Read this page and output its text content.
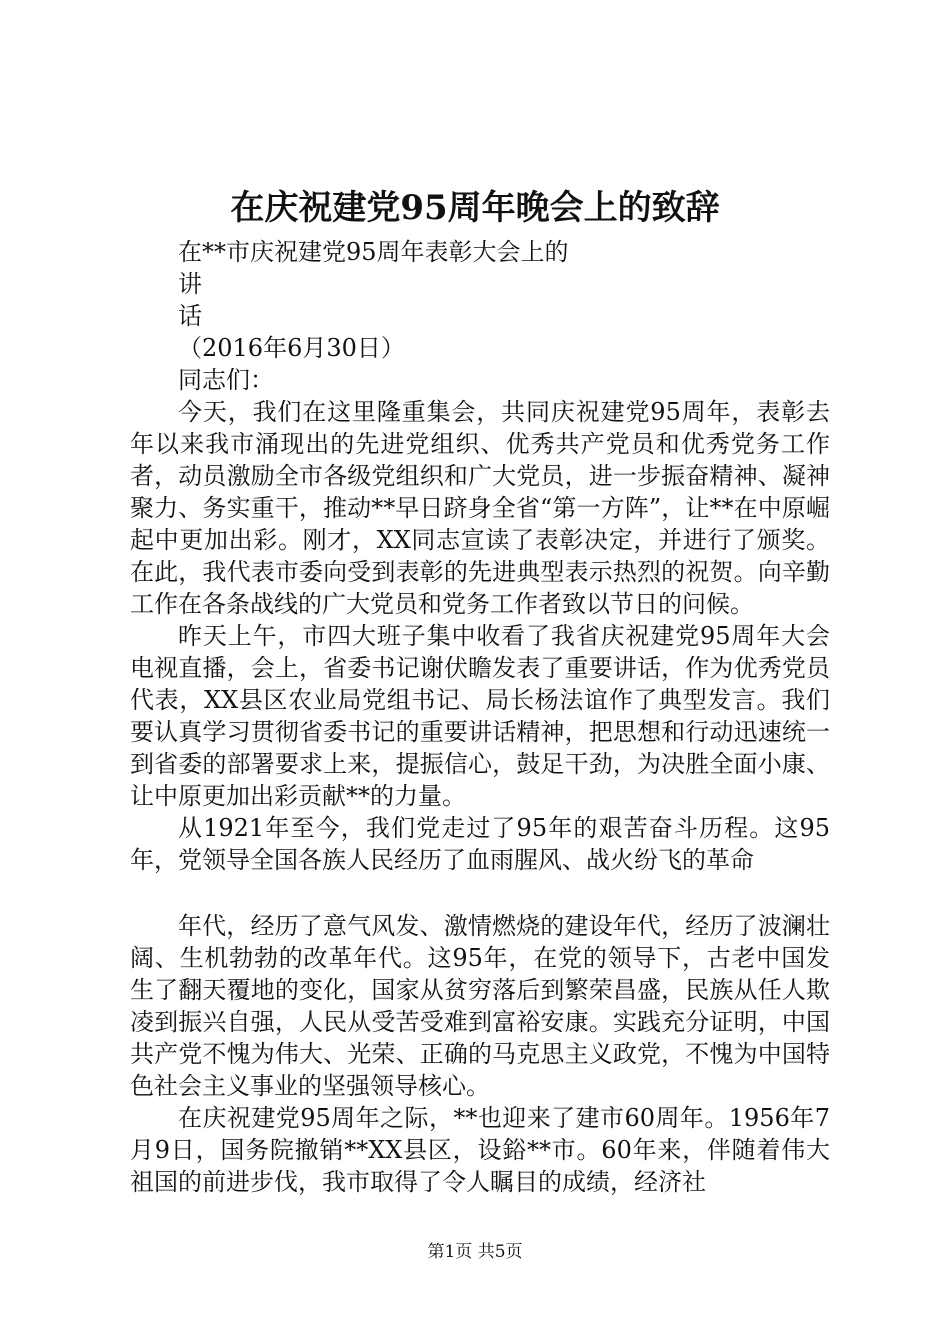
在庆祝建党95周年晚会上的致辞

在**市庆祝建党95周年表彰大会上的

讲

话

（2016年6月30日）

同志们：

今天，我们在这里隆重集会，共同庆祝建党95周年，表彰去年以来我市涌现出的先进党组织、优秀共产党员和优秀党务工作者，动员激励全市各级党组织和广大党员，进一步振奋精神、凝神聚力、务实重干，推动**早日跻身全省“第一方阵”，让**在中原崛起中更加出彩。刚才，XX同志宣读了表彰决定，并进行了颁奖。在此，我代表市委向受到表彰的先进典型表示热烈的祝贺。向辛勤工作在各条战线的广大党员和党务工作者致以节日的问候。

昨天上午，市四大班子集中收看了我省庆祝建党95周年大会电视直播，会上，省委书记谢伏瞻发表了重要讲话，作为优秀党员代表，XX县区农业局党组书记、局长杨法谊作了典型发言。我们要认真学习贯彻省委书记的重要讲话精神，把思想和行动迅速统一到省委的部署要求上来，提振信心，鼓足干劲，为决胜全面小康、让中原更加出彩贡献**的力量。

从1921年至今，我们党走过了95年的艰苦奋斗历程。这95年，党领导全国各族人民经历了血雨腥风、战火纷飞的革命

年代，经历了意气风发、激情燃烧的建设年代，经历了波澜壮阔、生机勃勃的改革年代。这95年，在党的领导下，古老中国发生了翻天覆地的变化，国家从贫穷落后到繁荣昌盛，民族从任人欺凌到振兴自强，人民从受苦受难到富裕安康。实践充分证明，中国共产党不愧为伟大、光荣、正确的马克思主义政党，不愧为中国特色社会主义事业的坚强领导核心。

在庆祝建党95周年之际，**也迎来了建市60周年。1956年7月9日，国务院撤销**XX县区，设鋊**市。60年来，伴随着伟大祖国的前进步伐，我市取得了令人瞩目的成绩，经济社

第1页 共5页
